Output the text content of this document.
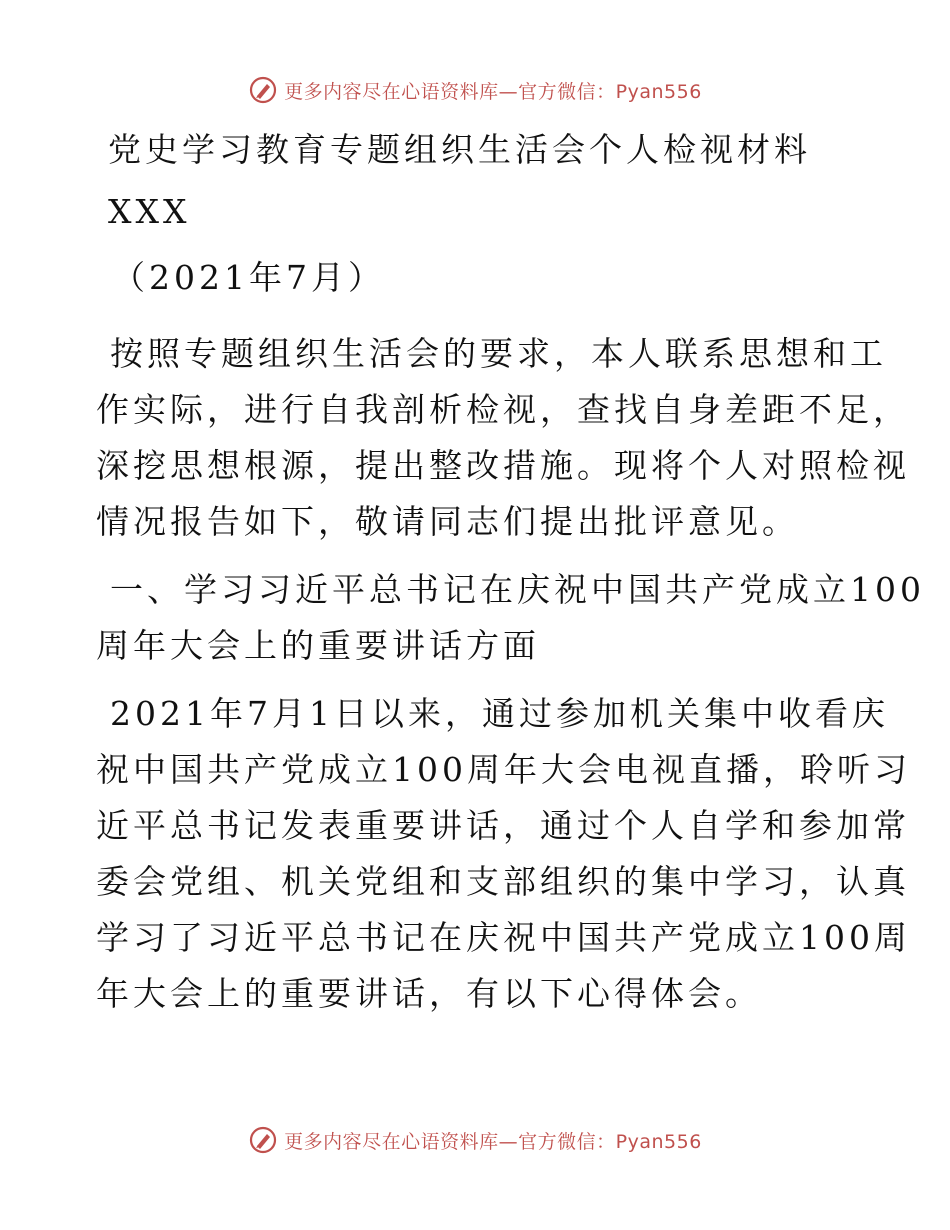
更多内容尽在心语资料库—官方微信：Pyan556
党史学习教育专题组织生活会个人检视材料
XXX
（2021年7月）
按照专题组织生活会的要求，本人联系思想和工
作实际，进行自我剖析检视，查找自身差距不足，
深挖思想根源，提出整改措施。现将个人对照检视
情况报告如下，敬请同志们提出批评意见。
一、学习习近平总书记在庆祝中国共产党成立100
周年大会上的重要讲话方面
2021年7月1日以来，通过参加机关集中收看庆
祝中国共产党成立100周年大会电视直播，聆听习
近平总书记发表重要讲话，通过个人自学和参加常
委会党组、机关党组和支部组织的集中学习，认真
学习了习近平总书记在庆祝中国共产党成立100周
年大会上的重要讲话，有以下心得体会。
更多内容尽在心语资料库—官方微信：Pyan556
